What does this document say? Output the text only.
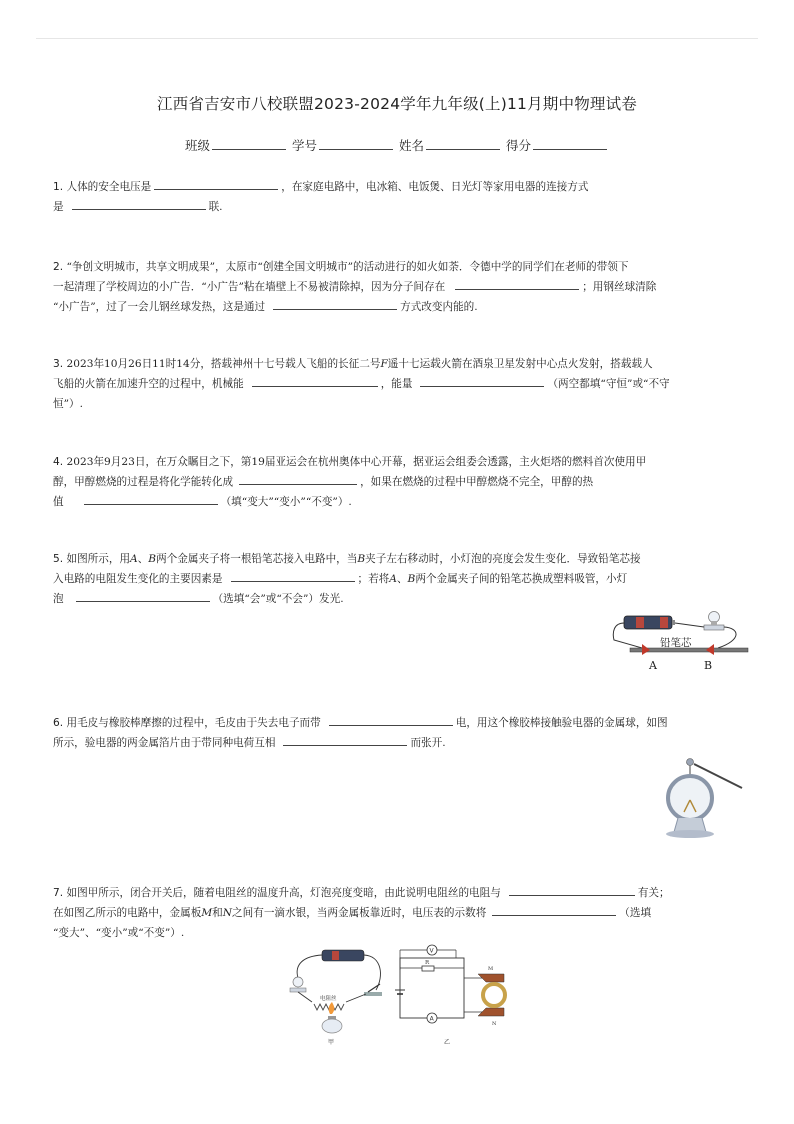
江西省吉安市八校联盟2023-2024学年九年级(上)11月期中物理试卷
班级	学号	姓名	得分
1. 人体的安全电压是	，在家庭电路中，电冰箱、电饭煲、日光灯等家用电器的连接方式
是	联.
2. “争创文明城市，共享文明成果”，太原市“创建全国文明城市”的活动进行的如火如荼．令德中学的同学们在老师的带领下
一起清理了学校周边的小广告．“小广告”粘在墙壁上不易被清除掉，因为分子间存在	；用钢丝球清除
“小广告”，过了一会儿钢丝球发热，这是通过	方式改变内能的.
3. 2023年10月26日11时14分，搭载神州十七号载人飞船的长征二号F遥十七运载火箭在酒泉卫星发射中心点火发射，搭载载人
飞船的火箭在加速升空的过程中，机械能	，能量	（两空都填“守恒”或“不守
恒”）.
4. 2023年9月23日，在万众瞩目之下，第19届亚运会在杭州奥体中心开幕，据亚运会组委会透露，主火炬塔的燃料首次使用甲
醇，甲醇燃烧的过程是将化学能转化成	，如果在燃烧的过程中甲醇燃烧不完全，甲醇的热
值	（填“变大”“变小”“不变”）.
5. 如图所示，用A、B两个金属夹子将一根铅笔芯接入电路中，当B夹子左右移动时，小灯泡的亮度会发生变化．导致铅笔芯接
入电路的电阻发生变化的主要因素是	；若将A、B两个金属夹子间的铅笔芯换成塑料吸管，小灯
泡	（选填“会”或“不会”）发光.
铅笔芯
A	B
6. 用毛皮与橡胶棒摩擦的过程中，毛皮由于失去电子而带	电，用这个橡胶棒接触验电器的金属球，如图
所示，验电器的两金属箔片由于带同种电荷互相	而张开.
7. 如图甲所示，闭合开关后，随着电阻丝的温度升高，灯泡亮度变暗，由此说明电阻丝的电阻与	有关；
在如图乙所示的电路中，金属板M和N之间有一滴水银，当两金属板靠近时，电压表的示数将	（选填
“变大”、“变小”或“不变”）.
电阻丝
甲
V
R
A
M
N
乙
